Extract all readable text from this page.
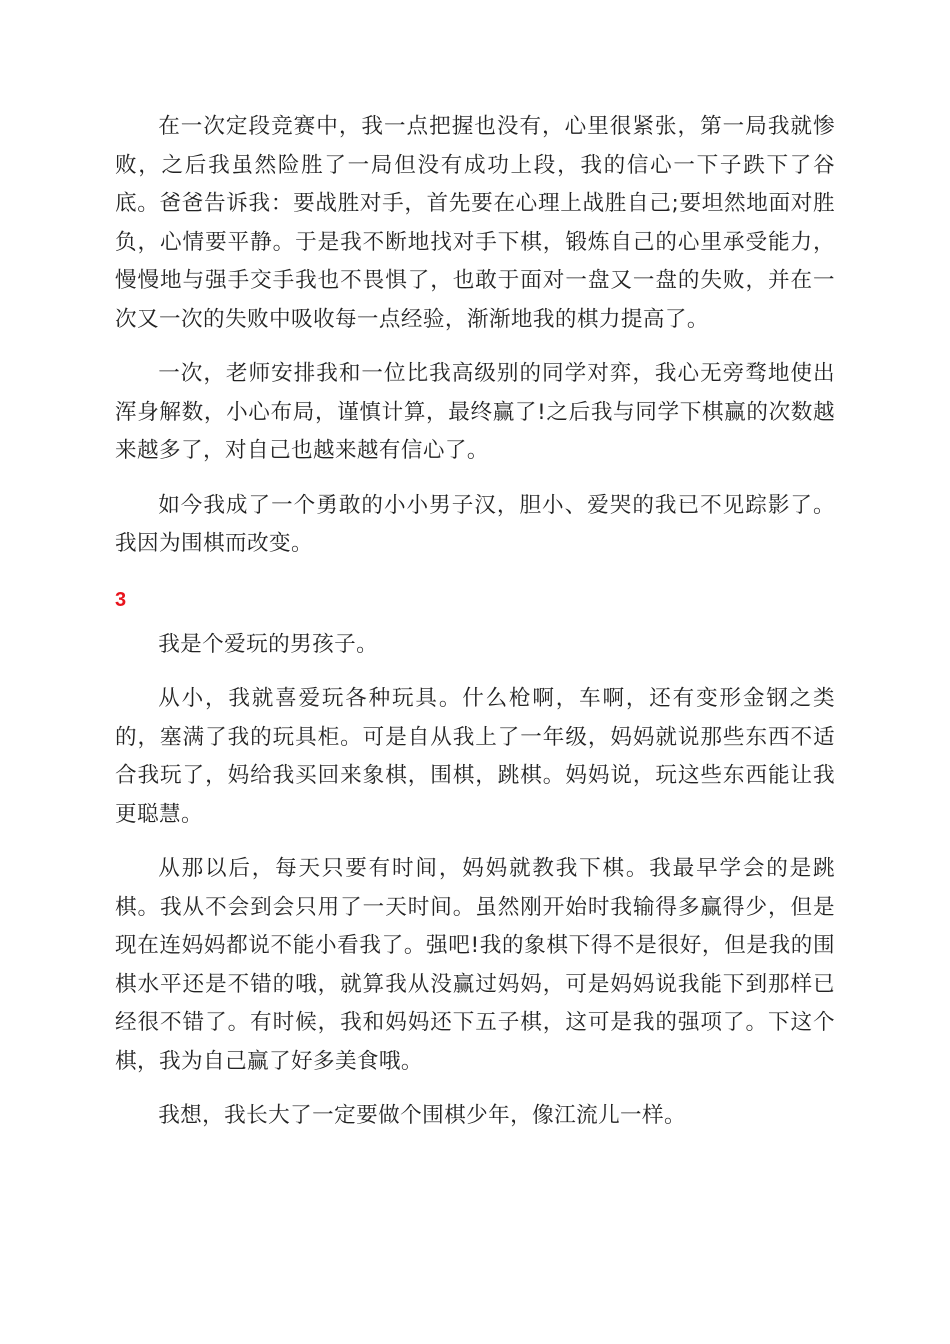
在一次定段竞赛中，我一点把握也没有，心里很紧张，第一局我就惨败，之后我虽然险胜了一局但没有成功上段，我的信心一下子跌下了谷底。爸爸告诉我：要战胜对手，首先要在心理上战胜自己;要坦然地面对胜负，心情要平静。于是我不断地找对手下棋，锻炼自己的心里承受能力，慢慢地与强手交手我也不畏惧了，也敢于面对一盘又一盘的失败，并在一次又一次的失败中吸收每一点经验，渐渐地我的棋力提高了。

一次，老师安排我和一位比我高级别的同学对弈，我心无旁骛地使出浑身解数，小心布局，谨慎计算，最终赢了!之后我与同学下棋赢的次数越来越多了，对自己也越来越有信心了。

如今我成了一个勇敢的小小男子汉，胆小、爱哭的我已不见踪影了。我因为围棋而改变。

3

我是个爱玩的男孩子。

从小，我就喜爱玩各种玩具。什么枪啊，车啊，还有变形金钢之类的，塞满了我的玩具柜。可是自从我上了一年级，妈妈就说那些东西不适合我玩了，妈给我买回来象棋，围棋，跳棋。妈妈说，玩这些东西能让我更聪慧。

从那以后，每天只要有时间，妈妈就教我下棋。我最早学会的是跳棋。我从不会到会只用了一天时间。虽然刚开始时我输得多赢得少，但是现在连妈妈都说不能小看我了。强吧!我的象棋下得不是很好，但是我的围棋水平还是不错的哦，就算我从没赢过妈妈，可是妈妈说我能下到那样已经很不错了。有时候，我和妈妈还下五子棋，这可是我的强项了。下这个棋，我为自己赢了好多美食哦。

我想，我长大了一定要做个围棋少年，像江流儿一样。
